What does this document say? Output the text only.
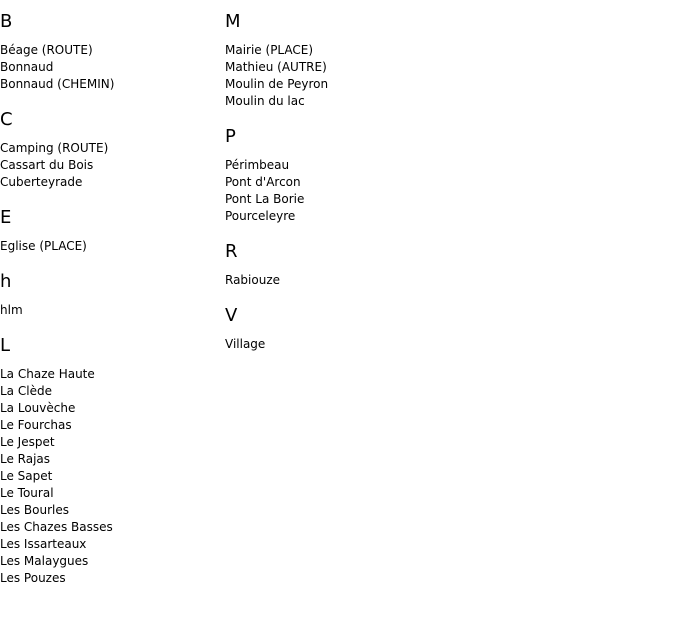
B
Béage (ROUTE)
Bonnaud
Bonnaud (CHEMIN)
C
Camping (ROUTE)
Cassart du Bois
Cuberteyrade
E
Eglise (PLACE)
h
hlm
L
La Chaze Haute
La Clède
La Louvèche
Le Fourchas
Le Jespet
Le Rajas
Le Sapet
Le Toural
Les Bourles
Les Chazes Basses
Les Issarteaux
Les Malaygues
Les Pouzes
M
Mairie (PLACE)
Mathieu (AUTRE)
Moulin de Peyron
Moulin du lac
P
Périmbeau
Pont d'Arcon
Pont La Borie
Pourceleyre
R
Rabiouze
V
Village
